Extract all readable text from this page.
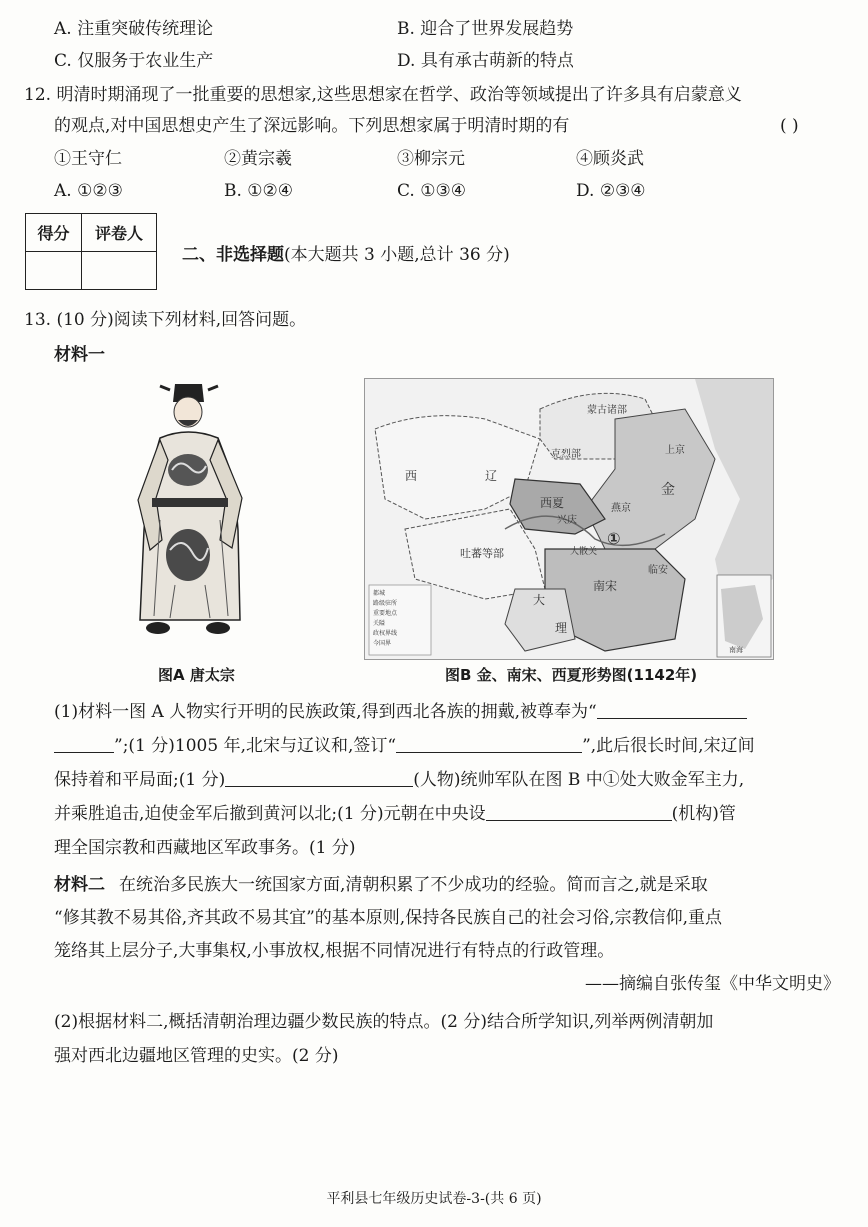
A. 注重突破传统理论	B. 迎合了世界发展趋势
C. 仅服务于农业生产	D. 具有承古萌新的特点
12. 明清时期涌现了一批重要的思想家,这些思想家在哲学、政治等领域提出了许多具有启蒙意义
的观点,对中国思想史产生了深远影响。下列思想家属于明清时期的有	( )
①王守仁	②黄宗羲	③柳宗元	④顾炎武
A. ①②③	B. ①②④	C. ①③④	D. ②③④
得分	评卷人

二、非选择题(本大题共 3 小题,总计 36 分)
13. (10 分)阅读下列材料,回答问题。
材料一
西	辽
蒙古诸部
克烈部	上京
金
西夏
兴庆
燕京
吐蕃等部	大散关
①
临安
南宋
大
理
南海
都城
路级驻所
重要地点
关隘
政权界线
今国界
图A 唐太宗	图B 金、南宋、西夏形势图(1142年)
(1)材料一图 A 人物实行开明的民族政策,得到西北各族的拥戴,被尊奉为“
”;(1 分)1005 年,北宋与辽议和,签订“	”,此后很长时间,宋辽间
保持着和平局面;(1 分)	(人物)统帅军队在图 B 中①处大败金军主力,
并乘胜追击,迫使金军后撤到黄河以北;(1 分)元朝在中央设	(机构)管
理全国宗教和西藏地区军政事务。(1 分)
材料二 在统治多民族大一统国家方面,清朝积累了不少成功的经验。简而言之,就是采取
“修其教不易其俗,齐其政不易其宜”的基本原则,保持各民族自己的社会习俗,宗教信仰,重点
笼络其上层分子,大事集权,小事放权,根据不同情况进行有特点的行政管理。
——摘编自张传玺《中华文明史》
(2)根据材料二,概括清朝治理边疆少数民族的特点。(2 分)结合所学知识,列举两例清朝加
强对西北边疆地区管理的史实。(2 分)
平利县七年级历史试卷-3-(共 6 页)
